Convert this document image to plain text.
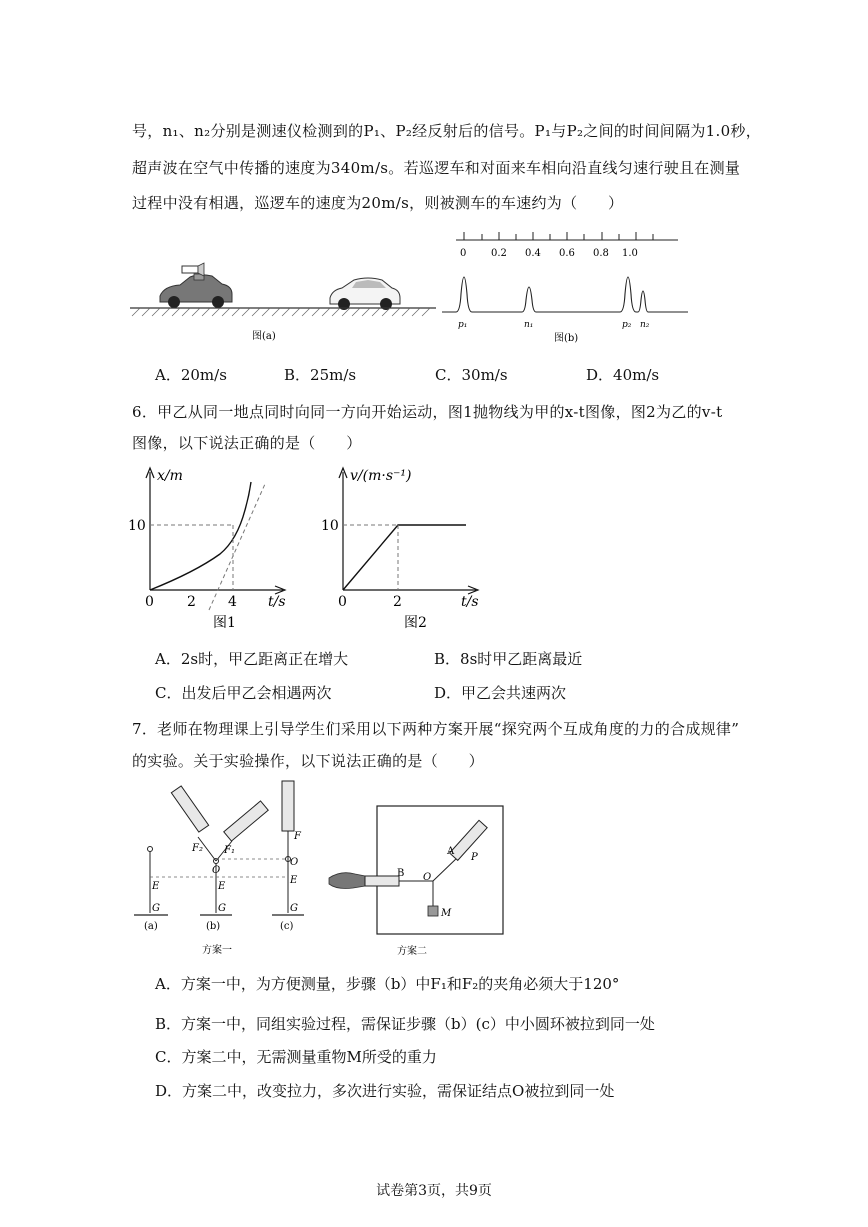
号，n₁、n₂分别是测速仪检测到的P₁、P₂经反射后的信号。P₁与P₂之间的时间间隔为1.0秒，
超声波在空气中传播的速度为340m/s。若巡逻车和对面来车相向沿直线匀速行驶且在测量
过程中没有相遇，巡逻车的速度为20m/s，则被测车的车速约为（　　）
图(a)
0 0.2 0.4 0.6 0.8 1.0
p₁	n₁	p₂ n₂
图(b)
A．20m/s	B．25m/s	C．30m/s	D．40m/s
6．甲乙从同一地点同时向同一方向开始运动，图1抛物线为甲的x-t图像，图2为乙的v-t
图像，以下说法正确的是（　　）
x/m
10
0 2 4 t/s
图1
v/(m·s⁻¹)
10
0	2	t/s
图2
A．2s时，甲乙距离正在增大	B．8s时甲乙距离最近
C．出发后甲乙会相遇两次	D．甲乙会共速两次
7．老师在物理课上引导学生们采用以下两种方案开展“探究两个互成角度的力的合成规律”
的实验。关于实验操作，以下说法正确的是（　　）
F₂ F₁
F
O
O
E	E
E
G	G	G
(a)	(b)	(c)
方案一
B O
A
P
M
方案二
A．方案一中，为方便测量，步骤（b）中F₁和F₂的夹角必须大于120°
B．方案一中，同组实验过程，需保证步骤（b）(c）中小圆环被拉到同一处
C．方案二中，无需测量重物M所受的重力
D．方案二中，改变拉力，多次进行实验，需保证结点O被拉到同一处
试卷第3页，共9页
